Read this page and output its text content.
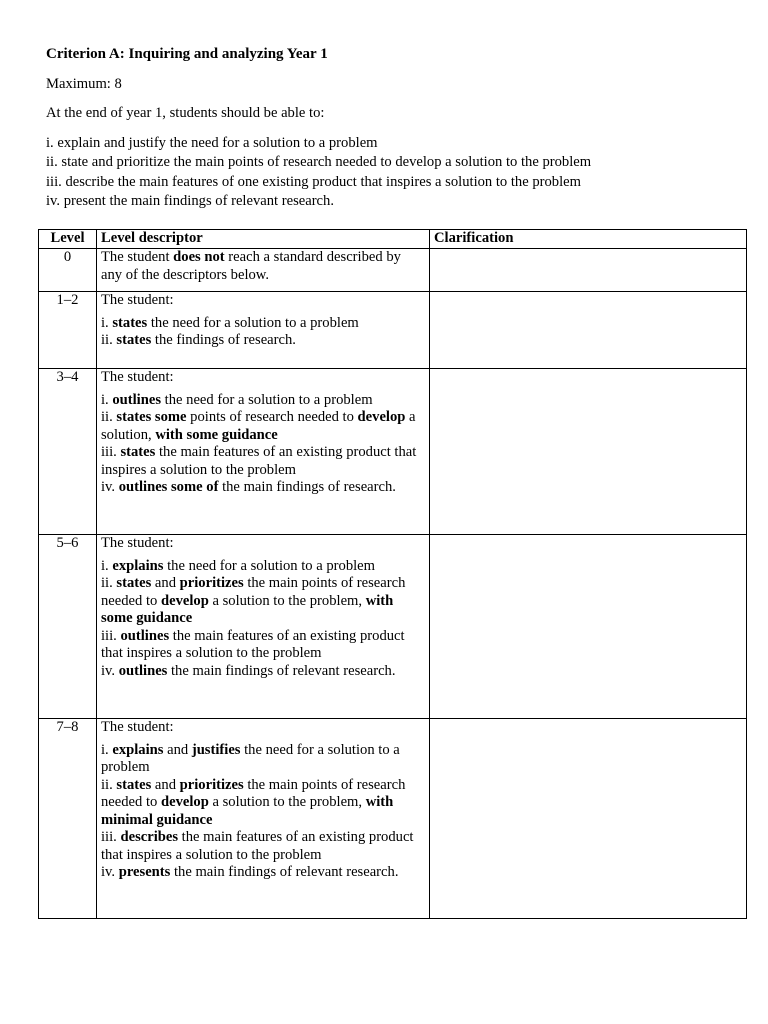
Criterion A: Inquiring and analyzing Year 1
Maximum: 8
At the end of year 1, students should be able to:
i. explain and justify the need for a solution to a problem
ii. state and prioritize the main points of research needed to develop a solution to the problem
iii. describe the main features of one existing product that inspires a solution to the problem
iv. present the main findings of relevant research.
Level	Level descriptor	Clarification
0	The student does not reach a standard described by any of the descriptors below.	

1–2	The student:
i. states the need for a solution to a problem
ii. states the findings of research.	

3–4	The student:
i. outlines the need for a solution to a problem
ii. states some points of research needed to develop a solution, with some guidance
iii. states the main features of an existing product that inspires a solution to the problem
iv. outlines some of the main findings of research.	

5–6	The student:
i. explains the need for a solution to a problem
ii. states and prioritizes the main points of research needed to develop a solution to the problem, with some guidance
iii. outlines the main features of an existing product that inspires a solution to the problem
iv. outlines the main findings of relevant research.	

7–8	The student:
i. explains and justifies the need for a solution to a problem
ii. states and prioritizes the main points of research needed to develop a solution to the problem, with minimal guidance
iii. describes the main features of an existing product that inspires a solution to the problem
iv. presents the main findings of relevant research.	
